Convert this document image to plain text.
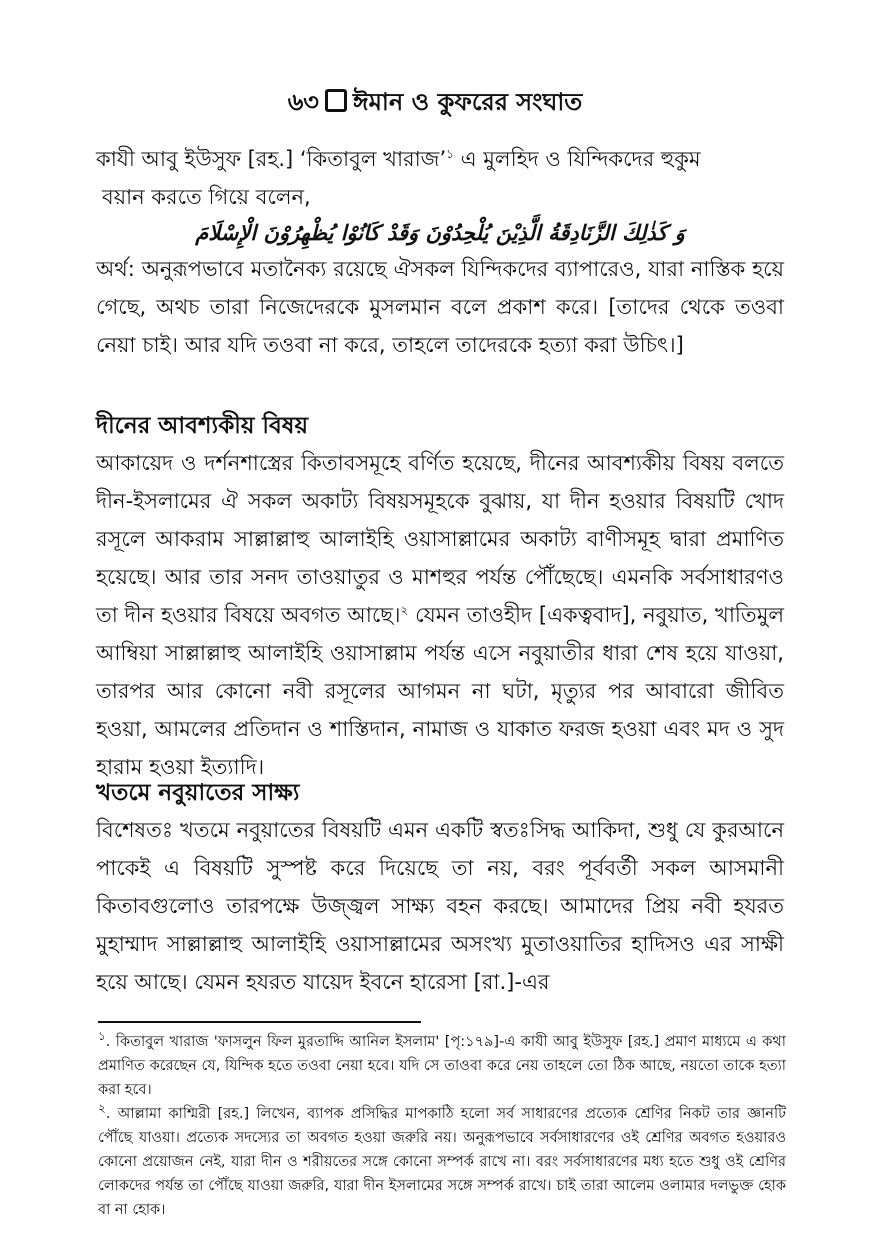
৬৩ ঈমান ও কুফরের সংঘাত

কাযী আবু ইউসুফ [রহ.] ‘কিতাবুল খারাজ’$^১$ এ মুলহিদ ও যিন্দিকদের হুকুম

বয়ান করতে গিয়ে বলেন,

وَ كَذٰلِكَ الزَّنَادِقَةُ الَّذِيْنَ يُلْحِدُوْنَ وَقَدْ كَانُوْا يُظْهِرُوْنَ الْإِسْلَامَ

অর্থ: অনুরূপভাবে মতানৈক্য রয়েছে ঐসকল যিন্দিকদের ব্যাপারেও, যারা নাস্তিক হয়ে গেছে, অথচ তারা নিজেদেরকে মুসলমান বলে প্রকাশ করে। [তাদের থেকে তওবা নেয়া চাই। আর যদি তওবা না করে, তাহলে তাদেরকে হত্যা করা উচিৎ।]

দীনের আবশ্যকীয় বিষয়

আকায়েদ ও দর্শনশাস্ত্রের কিতাবসমূহে বর্ণিত হয়েছে, দীনের আবশ্যকীয় বিষয় বলতে দীন-ইসলামের ঐ সকল অকাট্য বিষয়সমূহকে বুঝায়, যা দীন হওয়ার বিষয়টি খোদ রসূলে আকরাম সাল্লাল্লাহু আলাইহি ওয়াসাল্লামের অকাট্য বাণীসমূহ দ্বারা প্রমাণিত হয়েছে। আর তার সনদ তাওয়াতুর ও মাশহুর পর্যন্ত পৌঁছেছে। এমনকি সর্বসাধারণও তা দীন হওয়ার বিষয়ে অবগত আছে।$^২$ যেমন তাওহীদ [একত্ববাদ], নবুয়াত, খাতিমুল আম্বিয়া সাল্লাল্লাহু আলাইহি ওয়াসাল্লাম পর্যন্ত এসে নবুয়াতীর ধারা শেষ হয়ে যাওয়া, তারপর আর কোনো নবী রসূলের আগমন না ঘটা, মৃত্যুর পর আবারো জীবিত হওয়া, আমলের প্রতিদান ও শাস্তিদান, নামাজ ও যাকাত ফরজ হওয়া এবং মদ ও সুদ হারাম হওয়া ইত্যাদি।

খতমে নবুয়াতের সাক্ষ্য

বিশেষতঃ খতমে নবুয়াতের বিষয়টি এমন একটি স্বতঃসিদ্ধ আকিদা, শুধু যে কুরআনে পাকেই এ বিষয়টি সুস্পষ্ট করে দিয়েছে তা নয়, বরং পূর্ববর্তী সকল আসমানী কিতাবগুলোও তারপক্ষে উজ্জ্বল সাক্ষ্য বহন করছে। আমাদের প্রিয় নবী হযরত মুহাম্মাদ সাল্লাল্লাহু আলাইহি ওয়াসাল্লামের অসংখ্য মুতাওয়াতির হাদিসও এর সাক্ষী হয়ে আছে। যেমন হযরত যায়েদ ইবনে হারেসা [রা.]-এর

$^১$. কিতাবুল খারাজ 'ফাসলুন ফিল মুরতাদ্দি আনিল ইসলাম' [পৃ:১৭৯]-এ কাযী আবু ইউসুফ [রহ.] প্রমাণ মাধ্যমে এ কথা প্রমাণিত করেছেন যে, যিন্দিক হতে তওবা নেয়া হবে। যদি সে তাওবা করে নেয় তাহলে তো ঠিক আছে, নয়তো তাকে হত্যা করা হবে।

$^২$. আল্লামা কাশ্মিরী [রহ.] লিখেন, ব্যাপক প্রসিদ্ধির মাপকাঠি হলো সর্ব সাধারণের প্রত্যেক শ্রেণির নিকট তার জ্ঞানটি পৌঁছে যাওয়া। প্রত্যেক সদস্যের তা অবগত হওয়া জরুরি নয়। অনুরূপভাবে সর্বসাধারণের ওই শ্রেণির অবগত হওয়ারও কোনো প্রয়োজন নেই, যারা দীন ও শরীয়তের সঙ্গে কোনো সম্পর্ক রাখে না। বরং সর্বসাধারণের মধ্য হতে শুধু ওই শ্রেণির লোকদের পর্যন্ত তা পৌঁছে যাওয়া জরুরি, যারা দীন ইসলামের সঙ্গে সম্পর্ক রাখে। চাই তারা আলেম ওলামার দলভুক্ত হোক বা না হোক।
